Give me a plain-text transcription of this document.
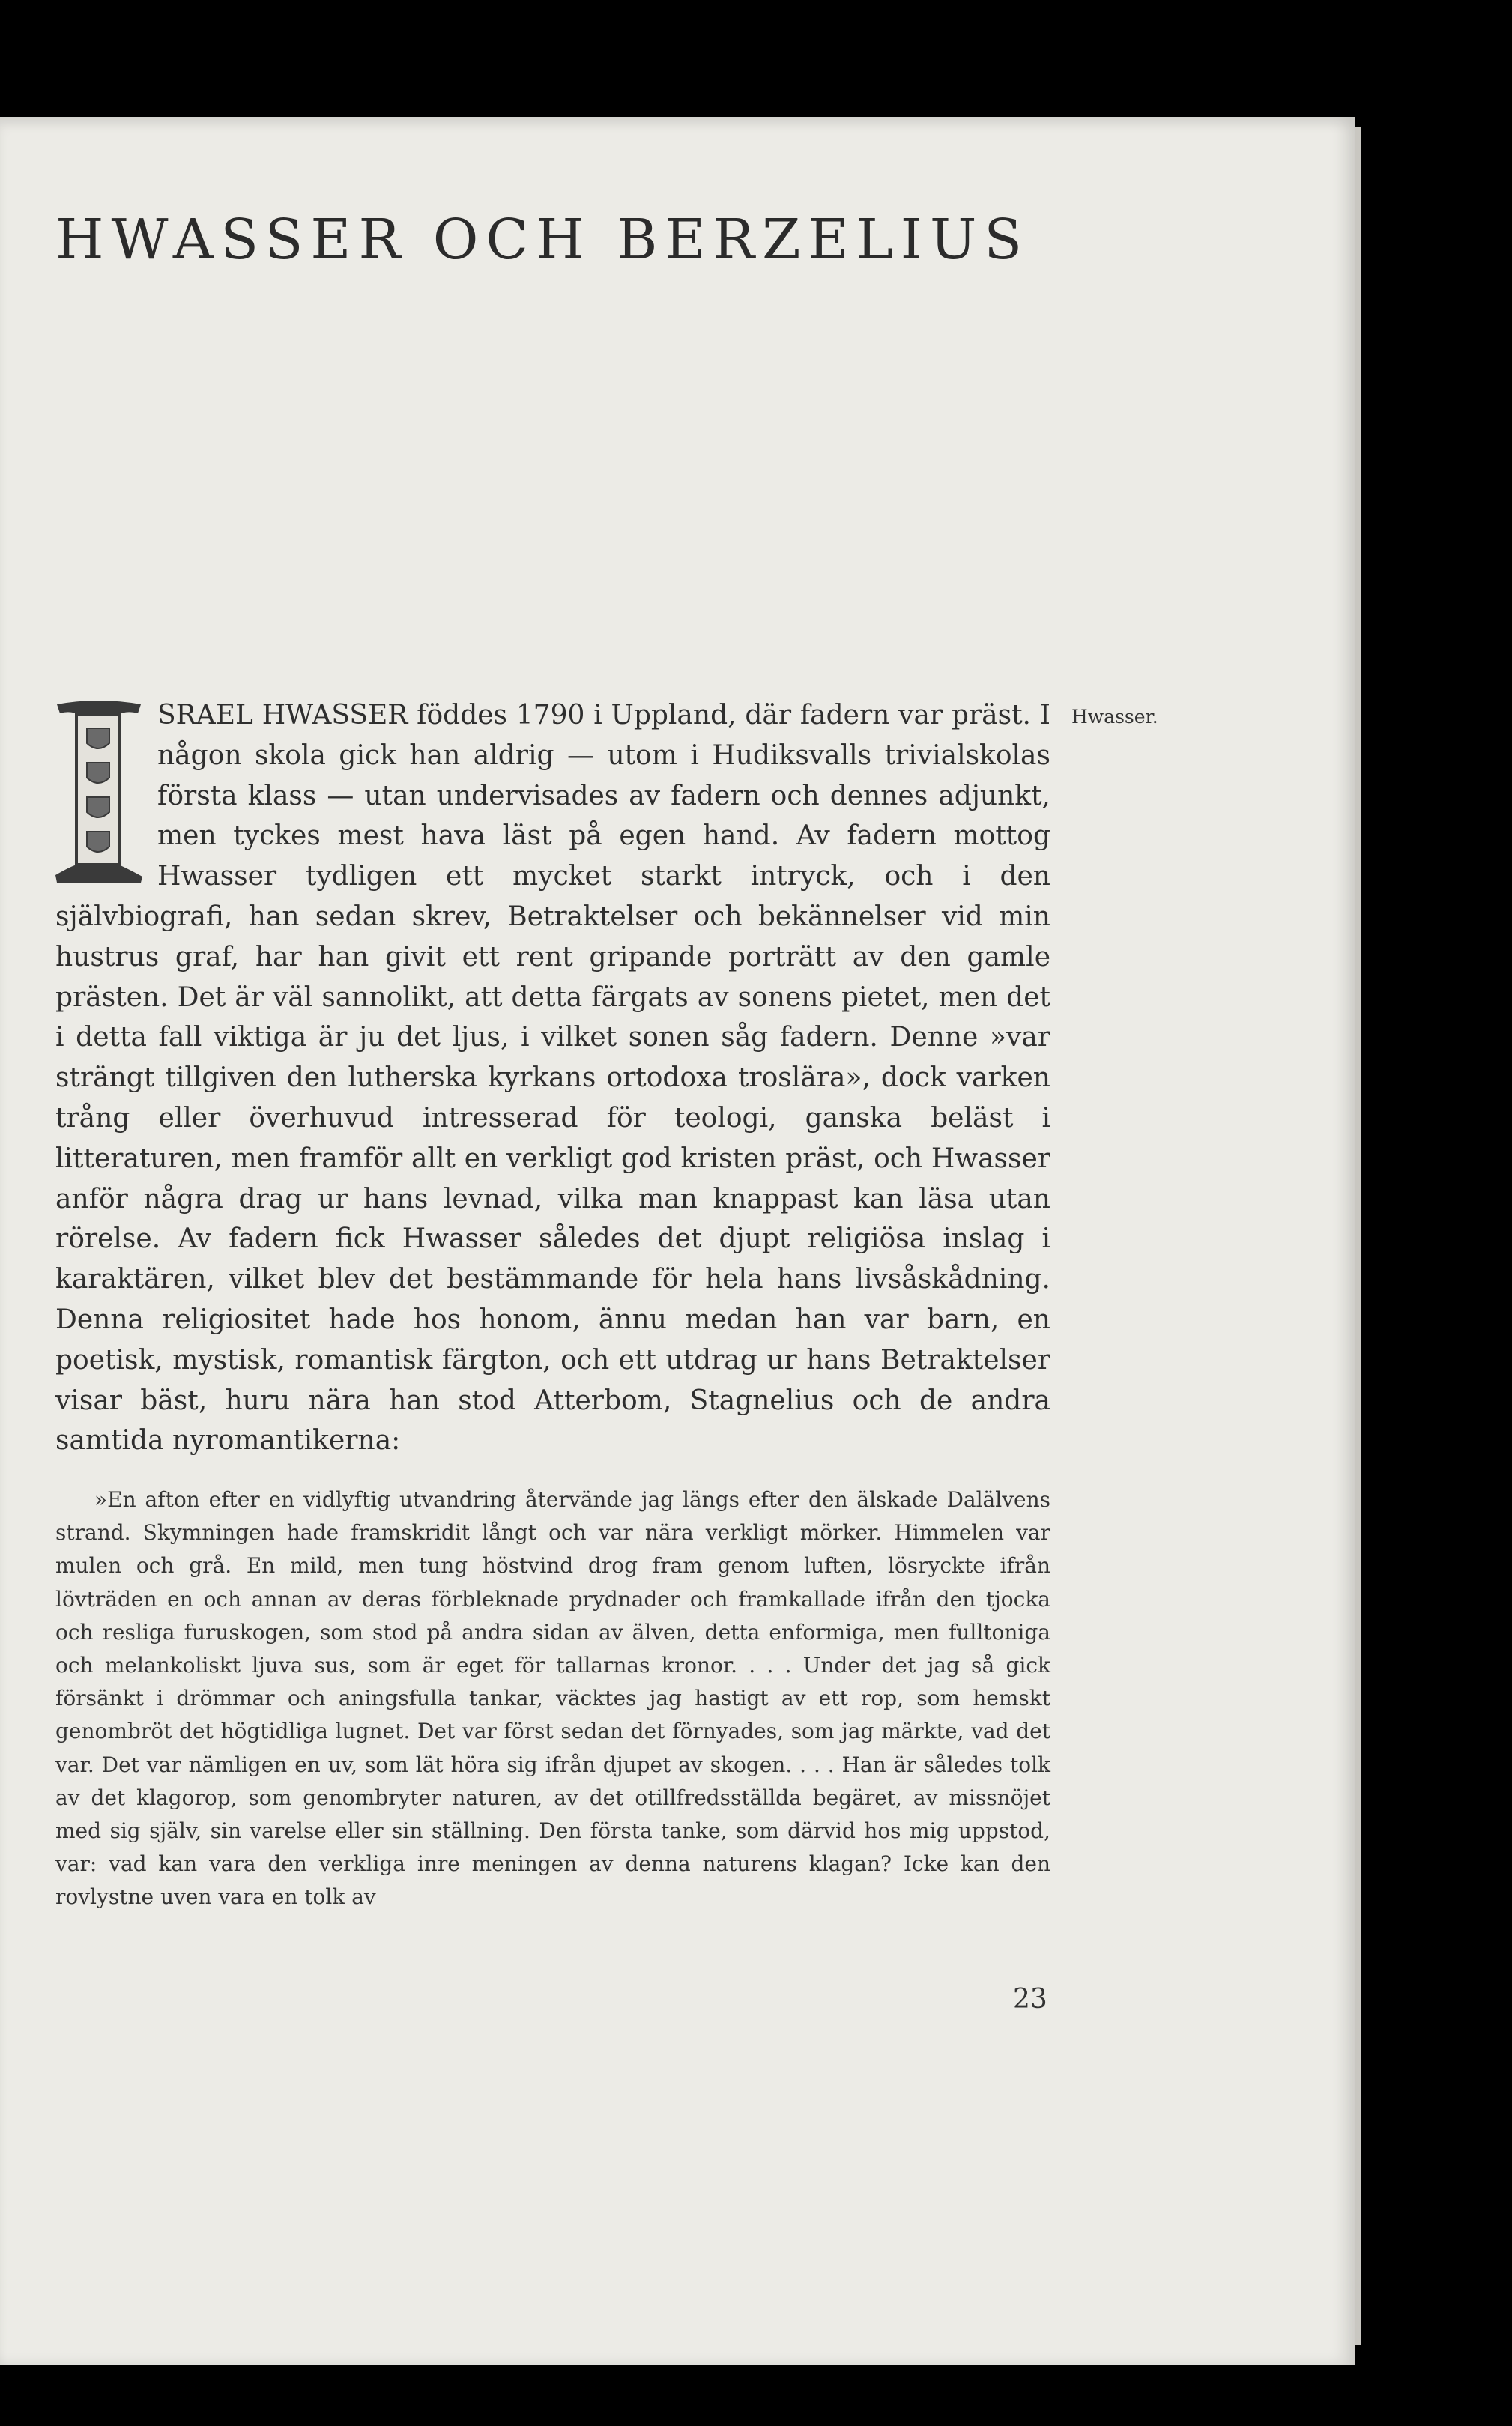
HWASSER OCH BERZELIUS
Hwasser.
SRAEL HWASSER föddes 1790 i Uppland, där fadern var präst. I någon skola gick han aldrig — utom i Hudiksvalls trivialskolas första klass — utan undervisades av fadern och dennes adjunkt, men tyckes mest hava läst på egen hand. Av fadern mottog Hwasser tydligen ett mycket starkt intryck, och i den självbiografi, han sedan skrev, Betraktelser och bekännelser vid min hustrus graf, har han givit ett rent gripande porträtt av den gamle prästen. Det är väl sannolikt, att detta färgats av sonens pietet, men det i detta fall viktiga är ju det ljus, i vilket sonen såg fadern. Denne »var strängt tillgiven den lutherska kyrkans ortodoxa troslära», dock varken trång eller överhuvud intresserad för teologi, ganska beläst i litteraturen, men framför allt en verkligt god kristen präst, och Hwasser anför några drag ur hans levnad, vilka man knappast kan läsa utan rörelse. Av fadern fick Hwasser således det djupt religiösa inslag i karaktären, vilket blev det bestämmande för hela hans livsåskådning. Denna religiositet hade hos honom, ännu medan han var barn, en poetisk, mystisk, romantisk färgton, och ett utdrag ur hans Betraktelser visar bäst, huru nära han stod Atterbom, Stagnelius och de andra samtida nyromantikerna:

»En afton efter en vidlyftig utvandring återvände jag längs efter den älskade Dalälvens strand. Skymningen hade framskridit långt och var nära verkligt mörker. Himmelen var mulen och grå. En mild, men tung höstvind drog fram genom luften, lösryckte ifrån lövträden en och annan av deras förbleknade prydnader och framkallade ifrån den tjocka och resliga furuskogen, som stod på andra sidan av älven, detta enformiga, men fulltoniga och melankoliskt ljuva sus, som är eget för tallarnas kronor. . . . Under det jag så gick försänkt i drömmar och aningsfulla tankar, väcktes jag hastigt av ett rop, som hemskt genombröt det högtidliga lugnet. Det var först sedan det förnyades, som jag märkte, vad det var. Det var nämligen en uv, som lät höra sig ifrån djupet av skogen. . . . Han är således tolk av det klagorop, som genombryter naturen, av det otillfredsställda begäret, av missnöjet med sig själv, sin varelse eller sin ställning. Den första tanke, som därvid hos mig uppstod, var: vad kan vara den verkliga inre meningen av denna naturens klagan? Icke kan den rovlystne uven vara en tolk av

23
